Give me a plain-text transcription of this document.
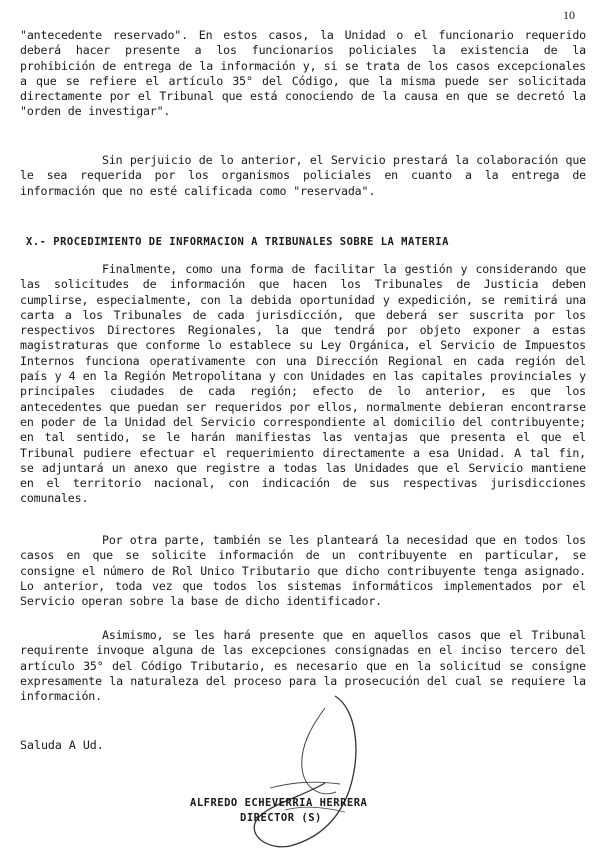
10

"antecedente reservado". En estos casos, la Unidad o el funcionario requerido deberá hacer presente a los funcionarios policiales la existencia de la prohibición de entrega de la información y, si se trata de los casos excepcionales a que se refiere el artículo 35° del Código, que la misma puede ser solicitada directamente por el Tribunal que está conociendo de la causa en que se decretó la "orden de investigar".

Sin perjuicio de lo anterior, el Servicio prestará la colaboración que le sea requerida por los organismos policiales en cuanto a la entrega de información que no esté calificada como "reservada".

X.- PROCEDIMIENTO DE INFORMACION A TRIBUNALES SOBRE LA MATERIA

Finalmente, como una forma de facilitar la gestión y considerando que las solicitudes de información que hacen los Tribunales de Justicia deben cumplirse, especialmente, con la debida oportunidad y expedición, se remitirá una carta a los Tribunales de cada jurisdicción, que deberá ser suscrita por los respectivos Directores Regionales, la que tendrá por objeto exponer a estas magistraturas que conforme lo establece su Ley Orgánica, el Servicio de Impuestos Internos funciona operativamente con una Dirección Regional en cada región del país y 4 en la Región Metropolitana y con Unidades en las capitales provinciales y principales ciudades de cada región; efecto de lo anterior, es que los antecedentes que puedan ser requeridos por ellos, normalmente debieran encontrarse en poder de la Unidad del Servicio correspondiente al domicilio del contribuyente; en tal sentido, se le harán manifiestas las ventajas que presenta el que el Tribunal pudiere efectuar el requerimiento directamente a esa Unidad. A tal fin, se adjuntará un anexo que registre a todas las Unidades que el Servicio mantiene en el territorio nacional, con indicación de sus respectivas jurisdicciones comunales.

Por otra parte, también se les planteará la necesidad que en todos los casos en que se solicite información de un contribuyente en particular, se consigne el número de Rol Unico Tributario que dicho contribuyente tenga asignado. Lo anterior, toda vez que todos los sistemas informáticos implementados por el Servicio operan sobre la base de dicho identificador.

Asimismo, se les hará presente que en aquellos casos que el Tribunal requirente invoque alguna de las excepciones consignadas en el inciso tercero del artículo 35° del Código Tributario, es necesario que en la solicitud se consigne expresamente la naturaleza del proceso para la prosecución del cual se requiere la información.

Saluda A Ud.

ALFREDO ECHEVERRIA HERRERA

DIRECTOR (S)
